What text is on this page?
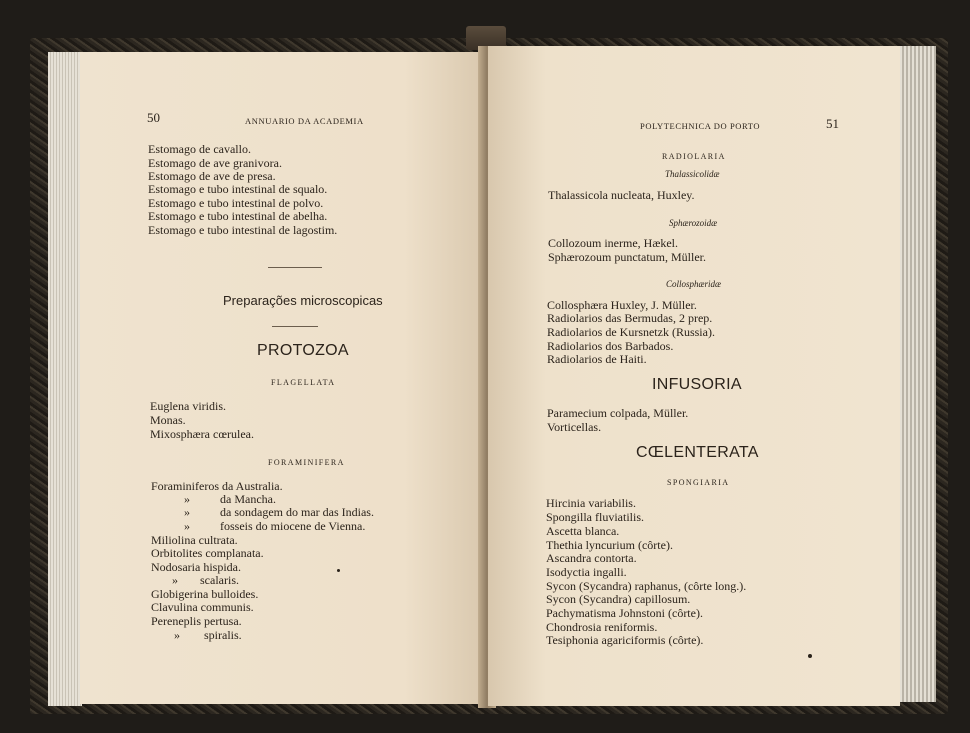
50	ANNUARIO DA ACADEMIA
Estomago de cavallo.
Estomago de ave granivora.
Estomago de ave de presa.
Estomago e tubo intestinal de squalo.
Estomago e tubo intestinal de polvo.
Estomago e tubo intestinal de abelha.
Estomago e tubo intestinal de lagostim.
Preparações microscopicas
PROTOZOA
FLAGELLATA
Euglena viridis.
Monas.
Mixosphæra cœrulea.
FORAMINIFERA
Foraminiferos da Australia.
»	da Mancha.
»	da sondagem do mar das Indias.
»	fosseis do miocene de Vienna.
Miliolina cultrata.
Orbitolites complanata.
Nodosaria hispida.
» scalaris.
Globigerina bulloides.
Clavulina communis.
Pereneplis pertusa.
» spiralis.
POLYTECHNICA DO PORTO	51
RADIOLARIA
Thalassicolidæ
Thalassicola nucleata, Huxley.
Sphærozoidæ
Collozoum inerme, Hækel.
Sphærozoum punctatum, Müller.
Collosphæridæ
Collosphæra Huxley, J. Müller.
Radiolarios das Bermudas, 2 prep.
Radiolarios de Kursnetzk (Russia).
Radiolarios dos Barbados.
Radiolarios de Haiti.
INFUSORIA
Paramecium colpada, Müller.
Vorticellas.
CŒLENTERATA
SPONGIARIA
Hircinia variabilis.
Spongilla fluviatilis.
Ascetta blanca.
Thethia lyncurium (côrte).
Ascandra contorta.
Isodyctia ingalli.
Sycon (Sycandra) raphanus, (côrte long.).
Sycon (Sycandra) capillosum.
Pachymatisma Johnstoni (côrte).
Chondrosia reniformis.
Tesiphonia agariciformis (côrte).
